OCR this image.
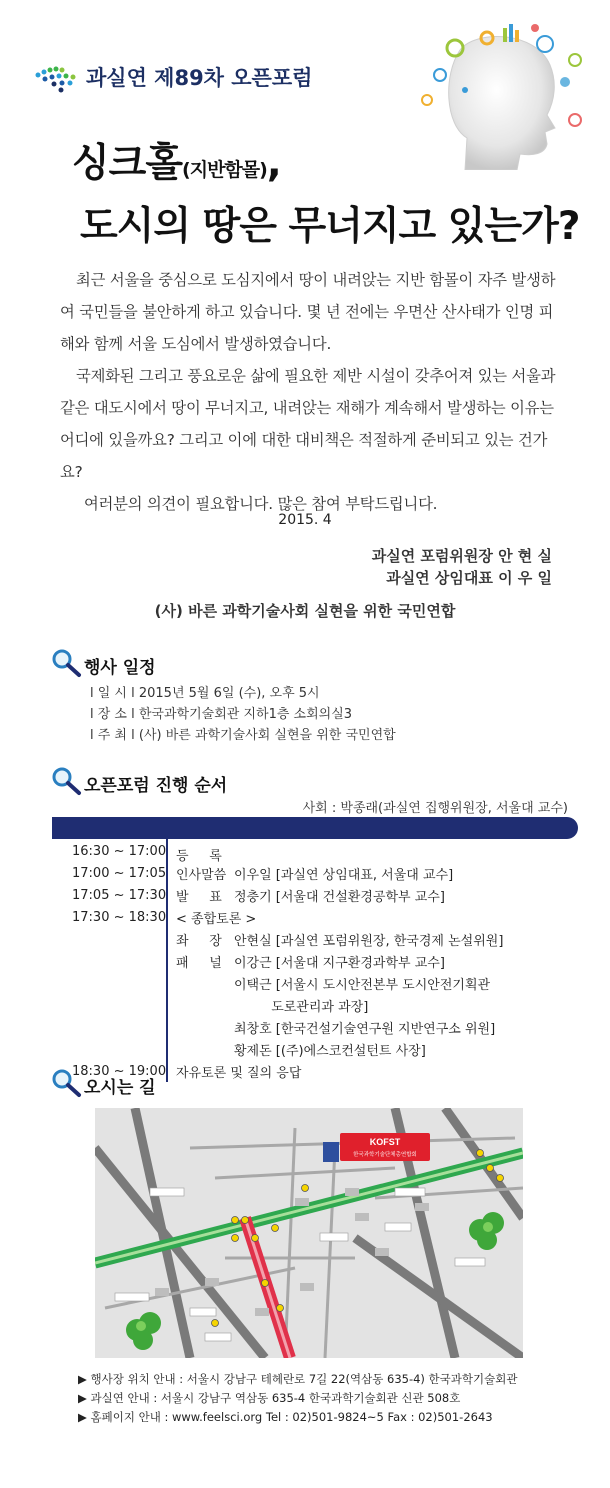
과실연 제89차 오픈포럼
싱크홀(지반함몰),
도시의 땅은 무너지고 있는가?

최근 서울을 중심으로 도심지에서 땅이 내려앉는 지반 함몰이 자주 발생하여 국민들을 불안하게 하고 있습니다. 몇 년 전에는 우면산 산사태가 인명 피해와 함께 서울 도심에서 발생하였습니다.

국제화된 그리고 풍요로운 삶에 필요한 제반 시설이 갖추어져 있는 서울과 같은 대도시에서 땅이 무너지고, 내려앉는 재해가 계속해서 발생하는 이유는 어디에 있을까요? 그리고 이에 대한 대비책은 적절하게 준비되고 있는 건가요?

여러분의 의견이 필요합니다. 많은 참여 부탁드립니다.

2015. 4
과실연 포럼위원장 안 현 실
과실연 상임대표 이 우 일
(사) 바른 과학기술사회 실현을 위한 국민연합
행사 일정
l 일 시 l 2015년 5월 6일 (수), 오후 5시
l 장 소 l 한국과학기술회관 지하1층 소회의실3
l 주 최 l (사) 바른 과학기술사회 실현을 위한 국민연합
오픈포럼 진행 순서
사회 : 박종래(과실연 집행위원장, 서울대 교수)
16:30 ~ 17:00 등     록
17:00 ~ 17:05 인사말씀 이우일 [과실연 상임대표, 서울대 교수]
17:05 ~ 17:30 발     표 정충기 [서울대 건설환경공학부 교수]
17:30 ~ 18:30 < 종합토론 >
좌     장 안현실 [과실연 포럼위원장, 한국경제 논설위원]
패     널 이강근 [서울대 지구환경과학부 교수]
이택근 [서울시 도시안전본부 도시안전기획관
도로관리과 과장]
최창호 [한국건설기술연구원 지반연구소 위원]
황제돈 [(주)에스코컨설턴트 사장]
18:30 ~ 19:00 자유토론 및 질의 응답
오시는 길
KOFST
한국과학기술단체총연합회
▶ 행사장 위치 안내 : 서울시 강남구 테헤란로 7길 22(역삼동 635-4) 한국과학기술회관
▶ 과실연 안내 : 서울시 강남구 역삼동 635-4 한국과학기술회관 신관 508호
▶ 홈페이지 안내 : www.feelsci.org Tel : 02)501-9824~5 Fax : 02)501-2643
